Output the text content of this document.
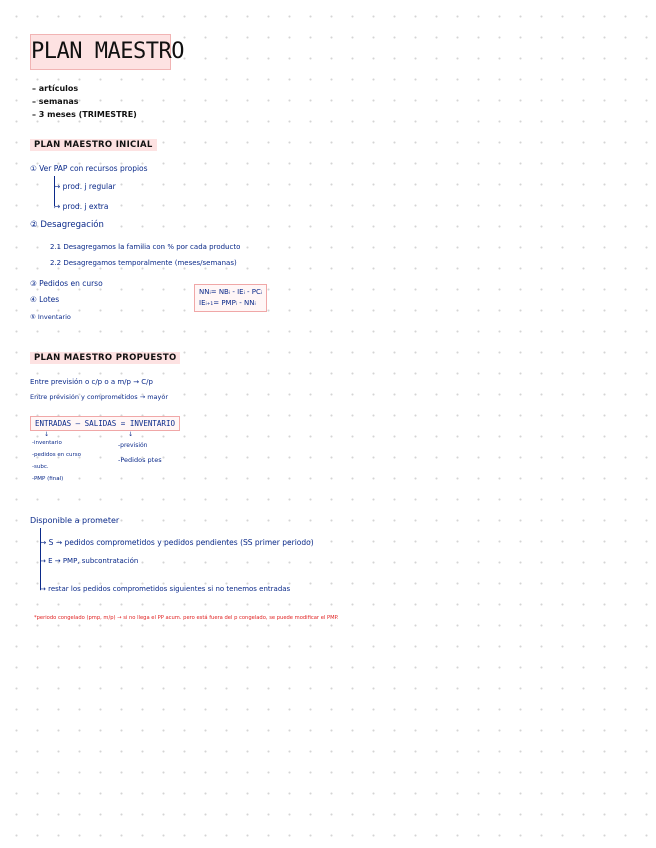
PLAN MAESTRO
– artículos
– semanas
– 3 meses (TRIMESTRE)
PLAN MAESTRO INICIAL
① Ver PAP con recursos propios
↦ prod. j regular
↦ prod. j extra
② Desagregación
2.1 Desagregamos la familia con % por cada producto
2.2 Desagregamos temporalmente (meses/semanas)
③ Pedidos en curso
④ Lotes
⑤ Inventario
NNᵢ= NBᵢ - IEᵢ - PCᵢ
IEᵢ₊₁= PMPᵢ - NNᵢ
PLAN MAESTRO PROPUESTO
Entre previsión o c/p o a m/p → C/p
Entre previsión y comprometidos → mayor
ENTRADAS – SALIDAS = INVENTARIO
↓	↓
-inventario
-pedidos en curso
-subc.
-PMP (final)
-previsión
-Pedidos ptes
Disponible a prometer
↦ S → pedidos comprometidos y pedidos pendientes (SS primer periodo)
↦ E → PMP, subcontratación
↦ restar los pedidos comprometidos siguientes si no tenemos entradas
*periodo congelado (pmp, m/p) → si no llega el PP acum. pero está fuera del p congelado, se puede modificar el PMP.
